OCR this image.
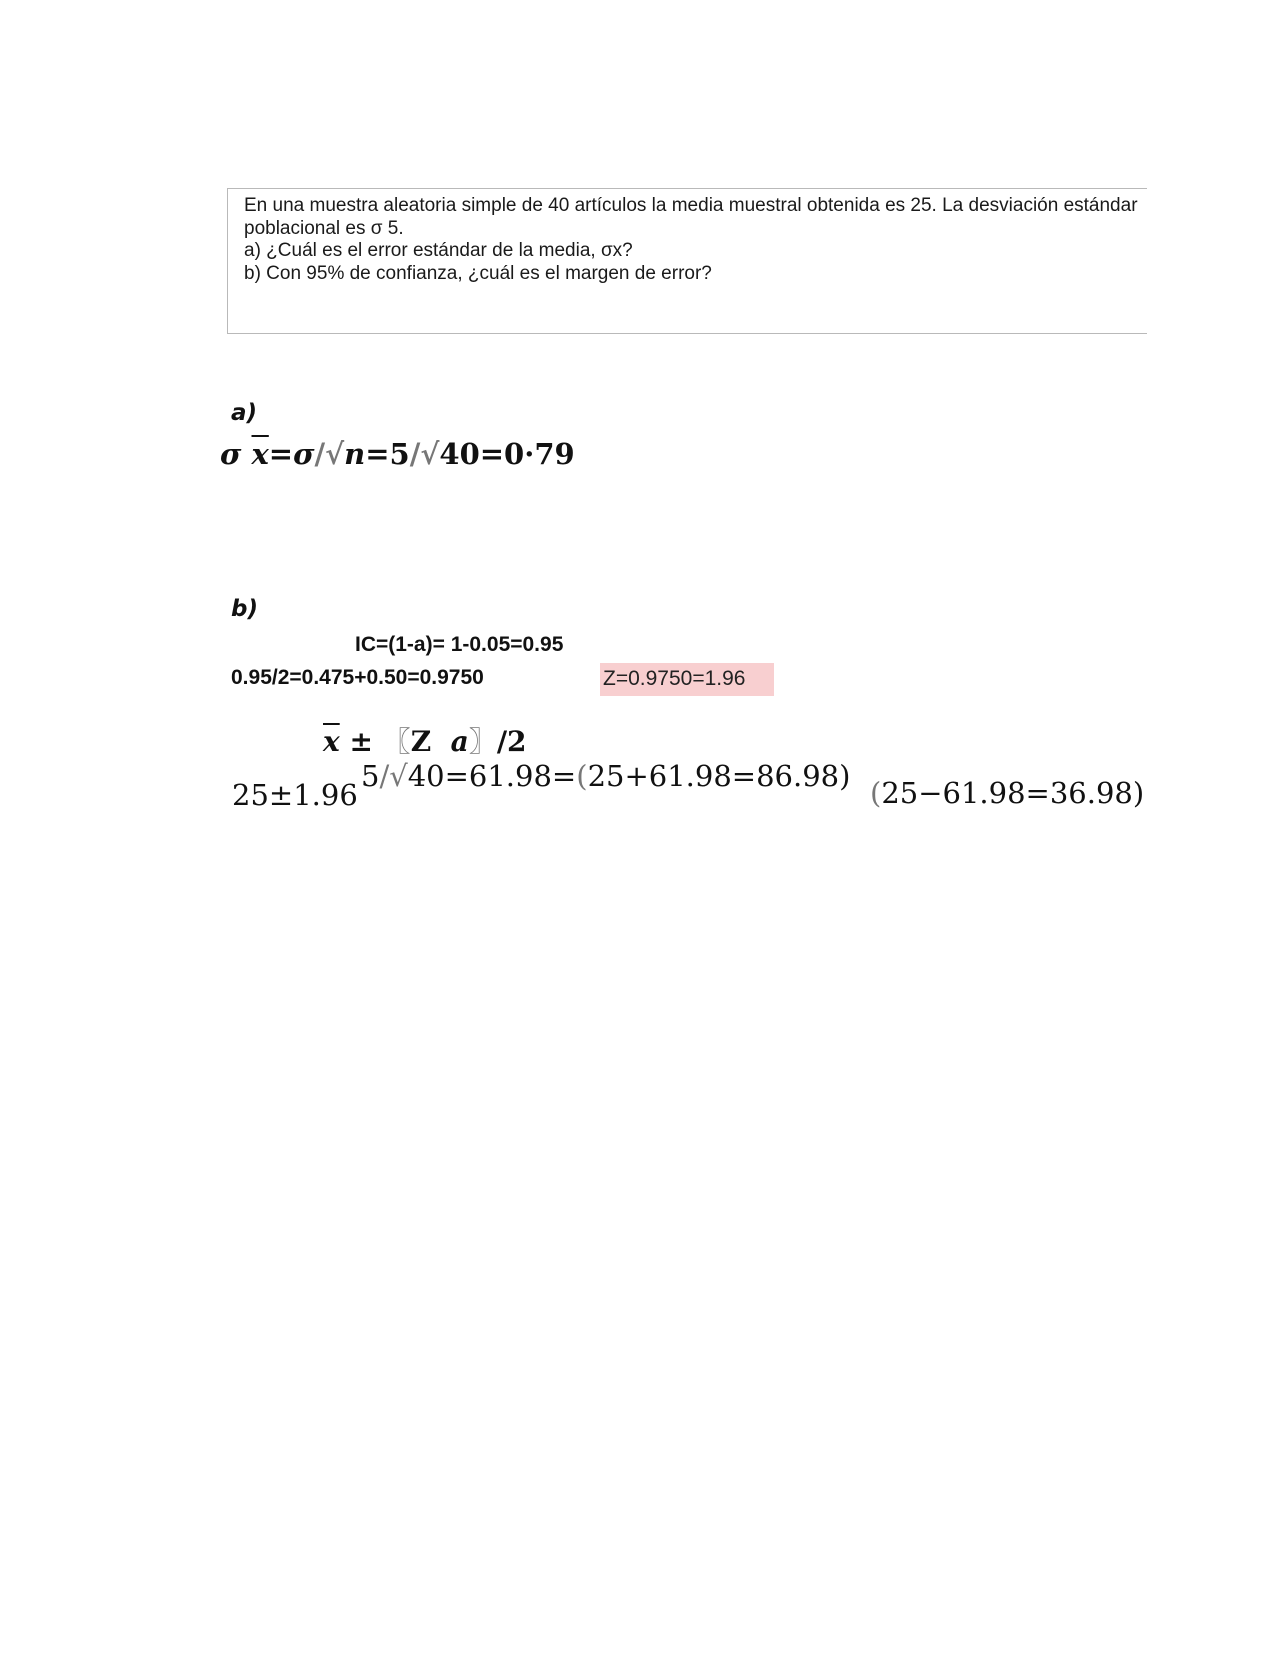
En una muestra aleatoria simple de 40 artículos la media muestral obtenida es 25. La desviación estándar
poblacional es σ 5.
a) ¿Cuál es el error estándar de la media, σx?
b) Con 95% de confianza, ¿cuál es el margen de error?
a)
σ $\overline{x}=\sigma/√n=5/√40=0\cdot 79$
b)
IC=(1-a)= 1-0.05=0.95
0.95/2=0.475+0.50=0.9750	Z=0.9750=1.96
$\overline{x}$ ± 〖Z a〗/2
25±1.96
5/√40=61.98=(25+61.98=86.98) (25−61.98=36.98)
